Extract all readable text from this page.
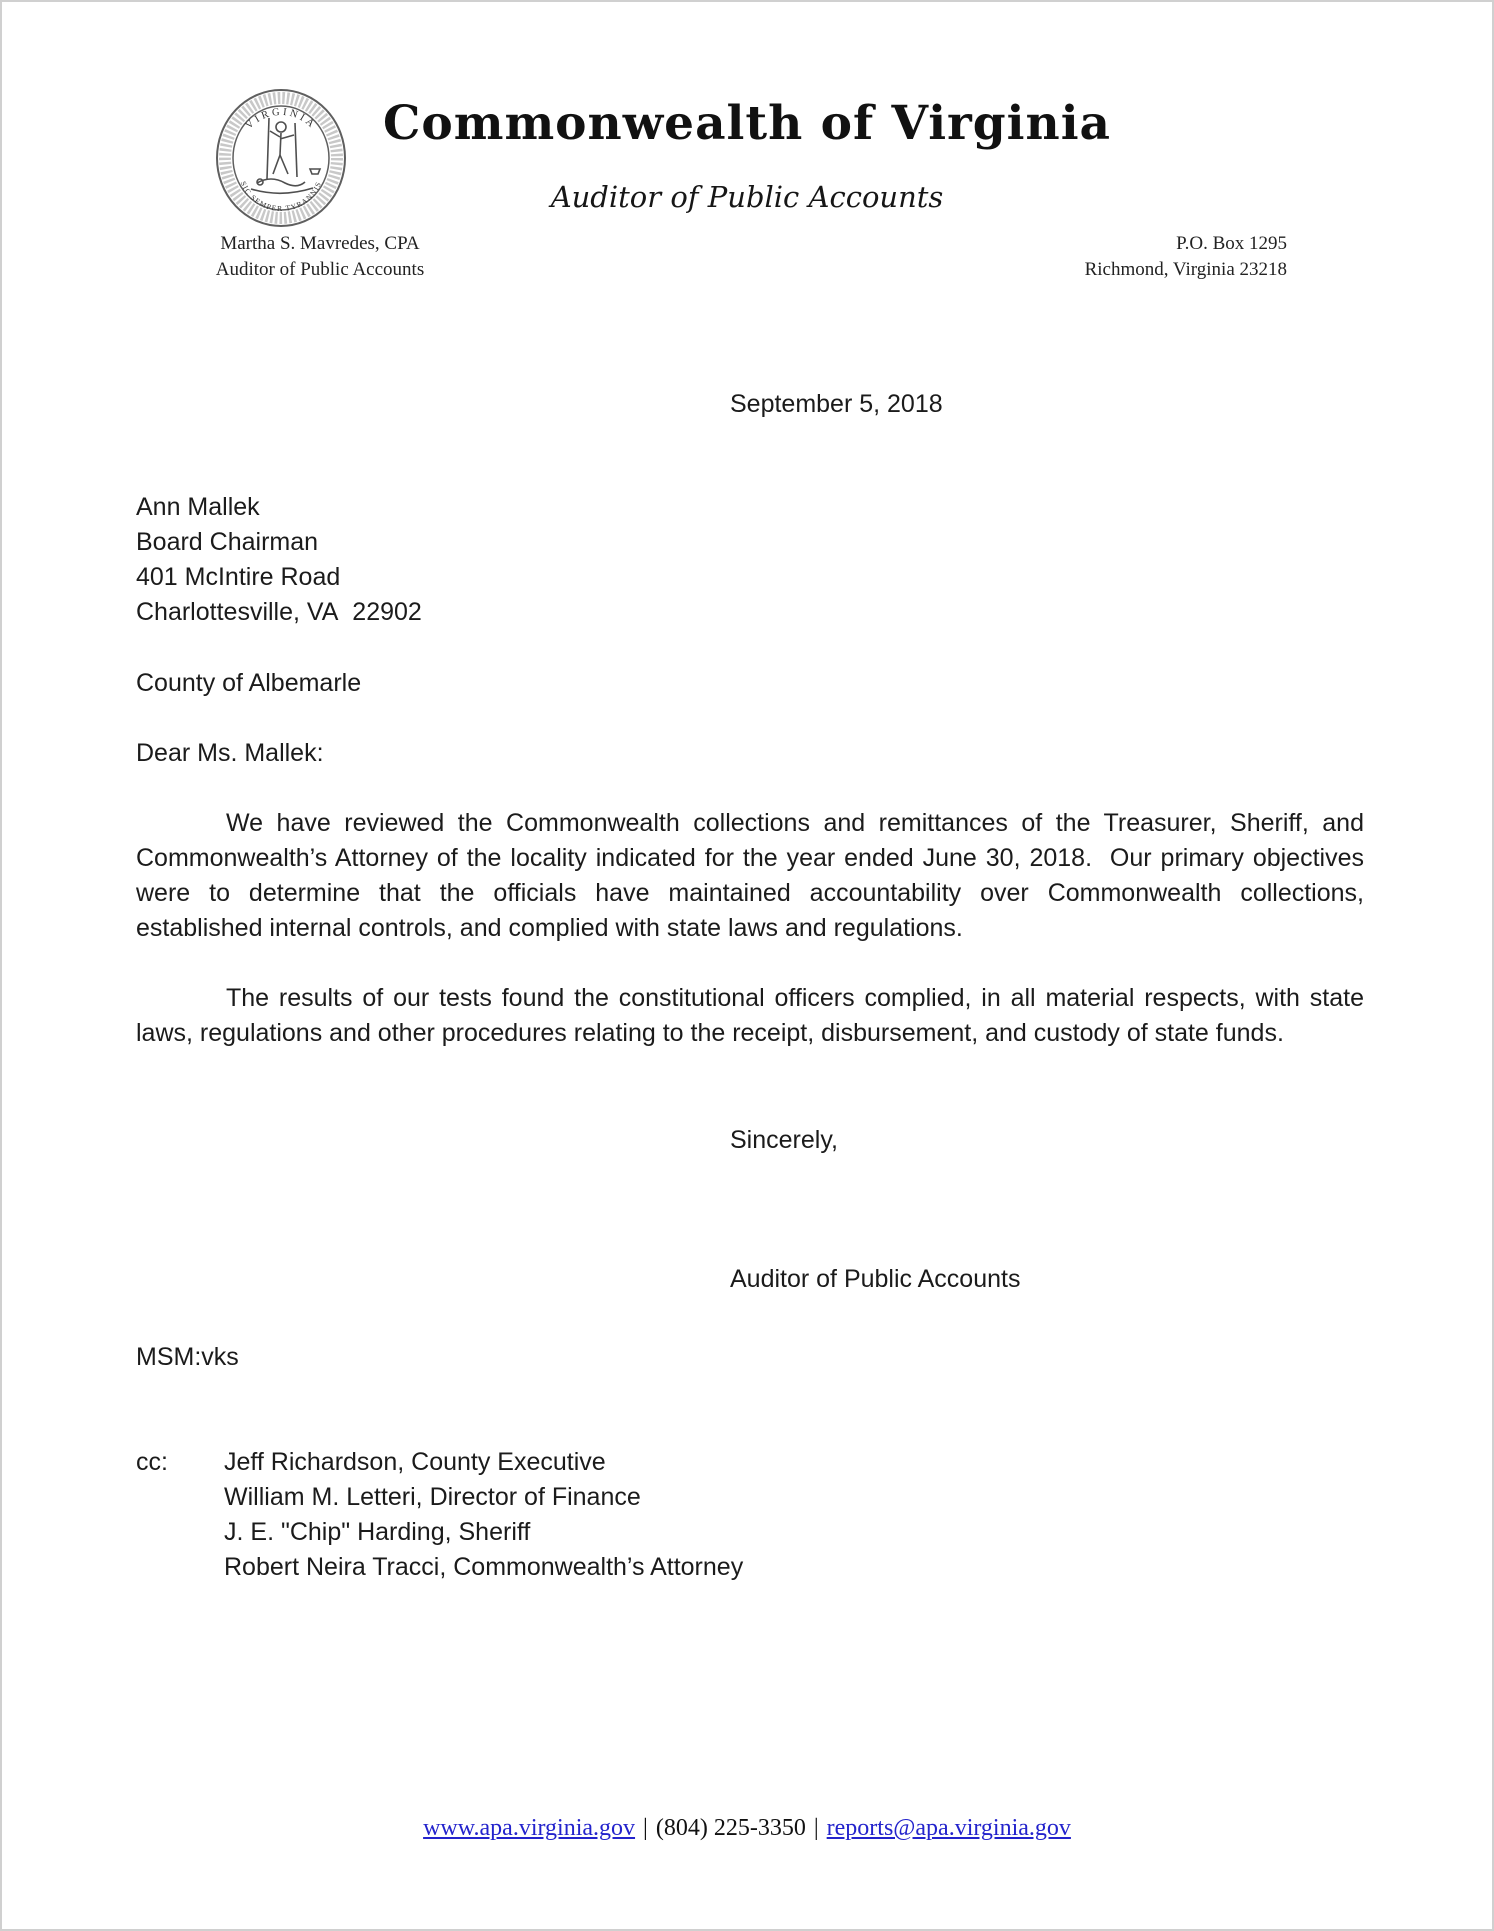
VIRGINIA
SIC SEMPER TYRANNIS
Commonwealth of Virginia
Auditor of Public Accounts
Martha S. Mavredes, CPA
Auditor of Public Accounts
P.O. Box 1295
Richmond, Virginia 23218
September 5, 2018
Ann Mallek
Board Chairman
401 McIntire Road
Charlottesville, VA  22902
County of Albemarle
Dear Ms. Mallek:
We have reviewed the Commonwealth collections and remittances of the Treasurer, Sheriff, and Commonwealth’s Attorney of the locality indicated for the year ended June 30, 2018.  Our primary objectives were to determine that the officials have maintained accountability over Commonwealth collections, established internal controls, and complied with state laws and regulations.
The results of our tests found the constitutional officers complied, in all material respects, with state laws, regulations and other procedures relating to the receipt, disbursement, and custody of state funds.
Sincerely,
Auditor of Public Accounts
MSM:vks
cc: Jeff Richardson, County Executive
William M. Letteri, Director of Finance
J. E. "Chip" Harding, Sheriff
Robert Neira Tracci, Commonwealth’s Attorney
www.apa.virginia.gov | (804) 225-3350 | reports@apa.virginia.gov
